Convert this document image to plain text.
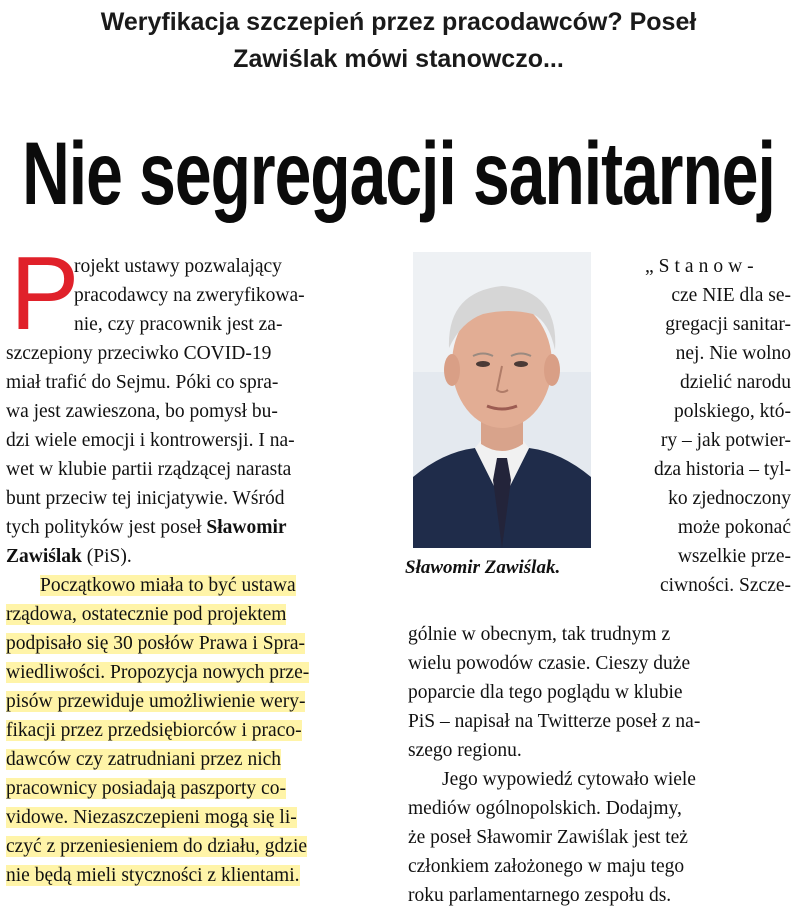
Weryfikacja szczepień przez pracodawców? Poseł
Zawiślak mówi stanowczo...
Nie segregacji sanitarnej
P
rojekt ustawy pozwalający
pracodawcy na zweryfikowa-
nie, czy pracownik jest za-
szczepiony przeciwko COVID-19
miał trafić do Sejmu. Póki co spra-
wa jest zawieszona, bo pomysł bu-
dzi wiele emocji i kontrowersji. I na-
wet w klubie partii rządzącej narasta
bunt przeciw tej inicjatywie. Wśród
tych polityków jest poseł Sławomir
Zawiślak (PiS).
Początkowo miała to być ustawa
rządowa, ostatecznie pod projektem
podpisało się 30 posłów Prawa i Spra-
wiedliwości. Propozycja nowych prze-
pisów przewiduje umożliwienie wery-
fikacji przez przedsiębiorców i praco-
dawców czy zatrudniani przez nich
pracownicy posiadają paszporty co-
vidowe. Niezaszczepieni mogą się li-
czyć z przeniesieniem do działu, gdzie
nie będą mieli styczności z klientami.
Sławomir Zawiślak.
„Stanow-
cze NIE dla se-
gregacji sanitar-
nej. Nie wolno
dzielić narodu
polskiego, któ-
ry – jak potwier-
dza historia – tyl-
ko zjednoczony
może pokonać
wszelkie prze-
ciwności. Szcze-
gólnie w obecnym, tak trudnym z
wielu powodów czasie. Cieszy duże
poparcie dla tego poglądu w klubie
PiS – napisał na Twitterze poseł z na-
szego regionu.
Jego wypowiedź cytowało wiele
mediów ogólnopolskich. Dodajmy,
że poseł Sławomir Zawiślak jest też
członkiem założonego w maju tego
roku parlamentarnego zespołu ds.
